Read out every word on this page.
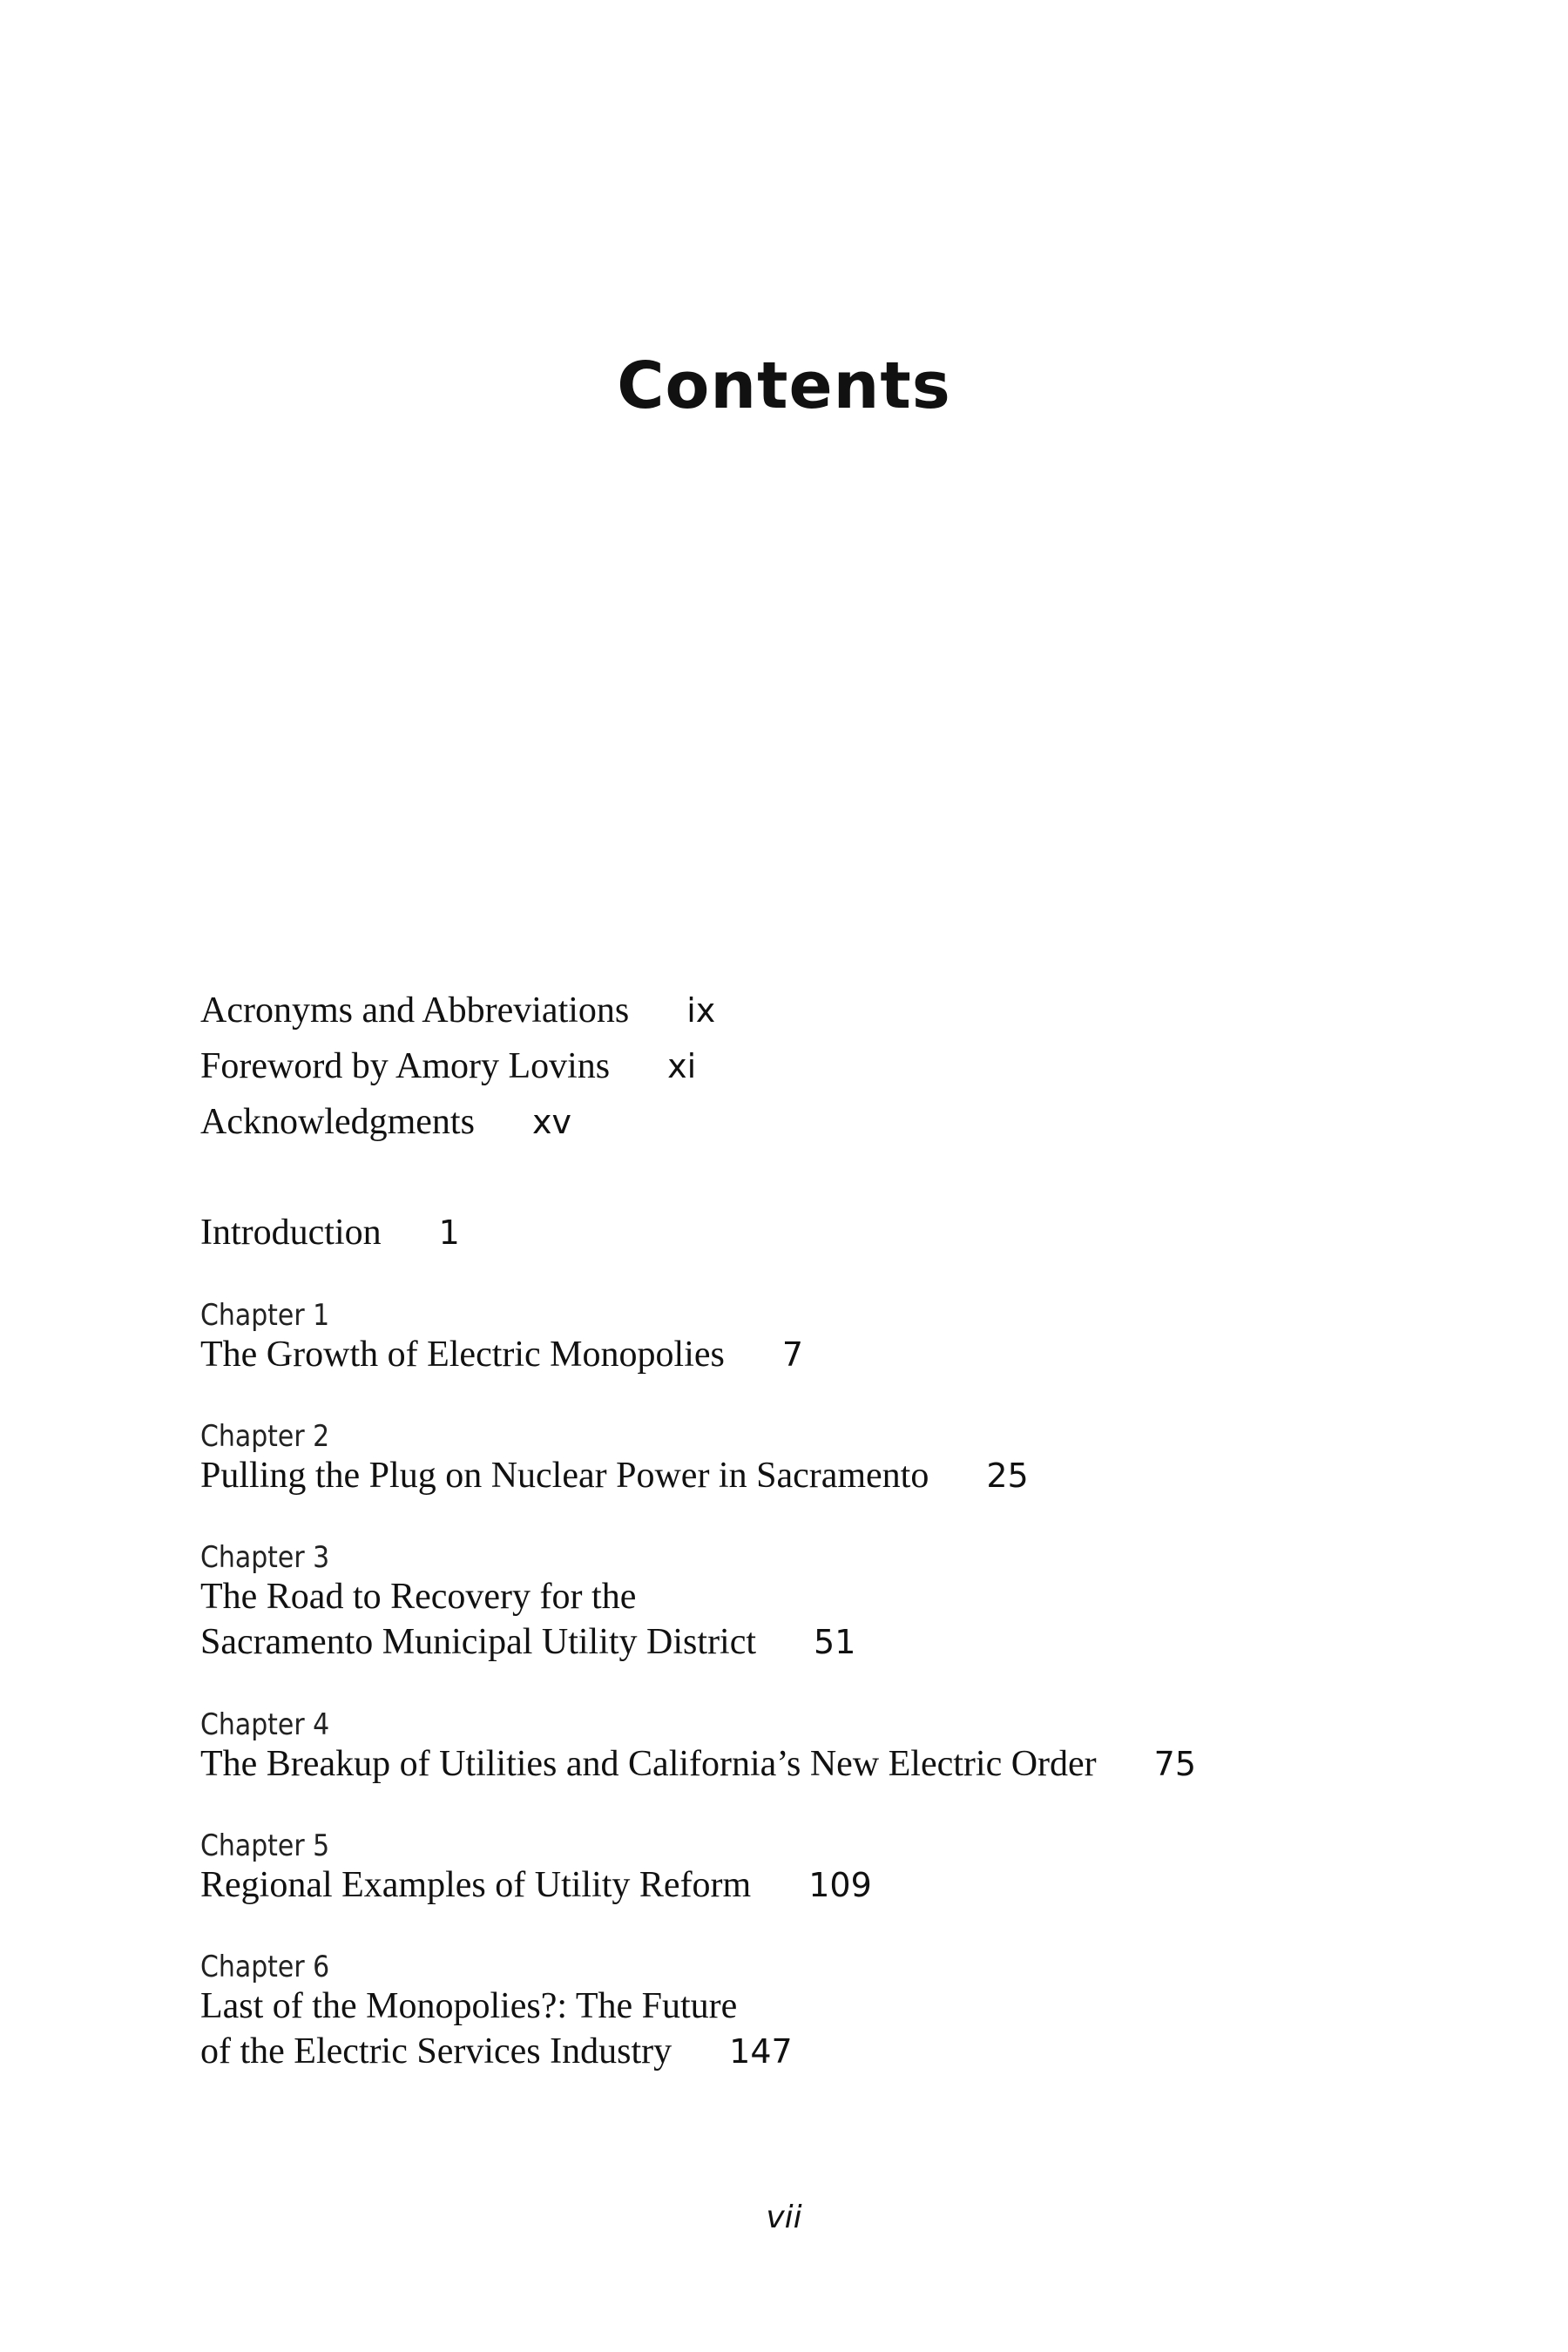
Contents
Acronyms and Abbreviations ix
Foreword by Amory Lovins xi
Acknowledgments xv
Introduction 1
Chapter 1
The Growth of Electric Monopolies 7
Chapter 2
Pulling the Plug on Nuclear Power in Sacramento 25
Chapter 3
The Road to Recovery for the
Sacramento Municipal Utility District 51
Chapter 4
The Breakup of Utilities and California’s New Electric Order 75
Chapter 5
Regional Examples of Utility Reform 109
Chapter 6
Last of the Monopolies?: The Future
of the Electric Services Industry 147
vii
